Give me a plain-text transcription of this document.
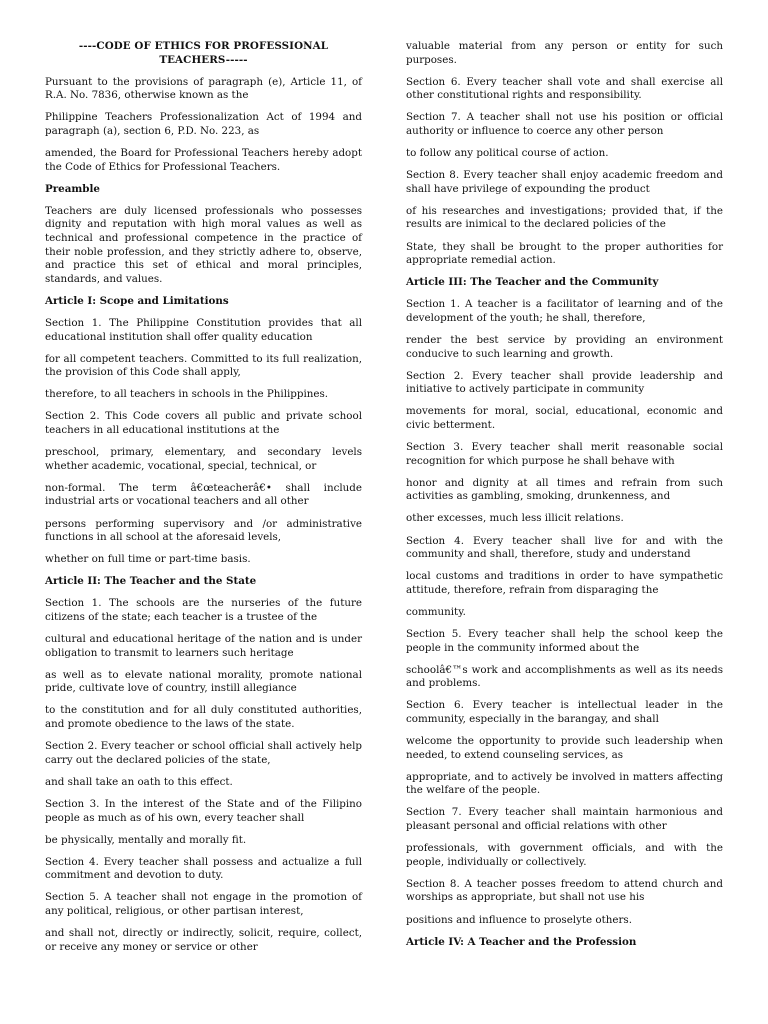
----CODE OF ETHICS FOR PROFESSIONAL TEACHERS-----
Pursuant to the provisions of paragraph (e), Article 11, of R.A. No. 7836, otherwise known as the
Philippine Teachers Professionalization Act of 1994 and paragraph (a), section 6, P.D. No. 223, as
amended, the Board for Professional Teachers hereby adopt the Code of Ethics for Professional Teachers.
Preamble
Teachers are duly licensed professionals who possesses dignity and reputation with high moral values as well as technical and professional competence in the practice of their noble profession, and they strictly adhere to, observe, and practice this set of ethical and moral principles, standards, and values.
Article I: Scope and Limitations
Section 1. The Philippine Constitution provides that all educational institution shall offer quality education
for all competent teachers. Committed to its full realization, the provision of this Code shall apply,
therefore, to all teachers in schools in the Philippines.
Section 2. This Code covers all public and private school teachers in all educational institutions at the
preschool, primary, elementary, and secondary levels whether academic, vocational, special, technical, or
non-formal. The term â€œteacherâ€• shall include industrial arts or vocational teachers and all other
persons performing supervisory and /or administrative functions in all school at the aforesaid levels,
whether on full time or part-time basis.
Article II: The Teacher and the State
Section 1. The schools are the nurseries of the future citizens of the state; each teacher is a trustee of the
cultural and educational heritage of the nation and is under obligation to transmit to learners such heritage
as well as to elevate national morality, promote national pride, cultivate love of country, instill allegiance
to the constitution and for all duly constituted authorities, and promote obedience to the laws of the state.
Section 2. Every teacher or school official shall actively help carry out the declared policies of the state,
and shall take an oath to this effect.
Section 3. In the interest of the State and of the Filipino people as much as of his own, every teacher shall
be physically, mentally and morally fit.
Section 4. Every teacher shall possess and actualize a full commitment and devotion to duty.
Section 5. A teacher shall not engage in the promotion of any political, religious, or other partisan interest,
and shall not, directly or indirectly, solicit, require, collect, or receive any money or service or other
valuable material from any person or entity for such purposes.
Section 6. Every teacher shall vote and shall exercise all other constitutional rights and responsibility.
Section 7. A teacher shall not use his position or official authority or influence to coerce any other person
to follow any political course of action.
Section 8. Every teacher shall enjoy academic freedom and shall have privilege of expounding the product
of his researches and investigations; provided that, if the results are inimical to the declared policies of the
State, they shall be brought to the proper authorities for appropriate remedial action.
Article III: The Teacher and the Community
Section 1. A teacher is a facilitator of learning and of the development of the youth; he shall, therefore,
render the best service by providing an environment conducive to such learning and growth.
Section 2. Every teacher shall provide leadership and initiative to actively participate in community
movements for moral, social, educational, economic and civic betterment.
Section 3. Every teacher shall merit reasonable social recognition for which purpose he shall behave with
honor and dignity at all times and refrain from such activities as gambling, smoking, drunkenness, and
other excesses, much less illicit relations.
Section 4. Every teacher shall live for and with the community and shall, therefore, study and understand
local customs and traditions in order to have sympathetic attitude, therefore, refrain from disparaging the
community.
Section 5. Every teacher shall help the school keep the people in the community informed about the
schoolâ€™s work and accomplishments as well as its needs and problems.
Section 6. Every teacher is intellectual leader in the community, especially in the barangay, and shall
welcome the opportunity to provide such leadership when needed, to extend counseling services, as
appropriate, and to actively be involved in matters affecting the welfare of the people.
Section 7. Every teacher shall maintain harmonious and pleasant personal and official relations with other
professionals, with government officials, and with the people, individually or collectively.
Section 8. A teacher posses freedom to attend church and worships as appropriate, but shall not use his
positions and influence to proselyte others.
Article IV: A Teacher and the Profession
